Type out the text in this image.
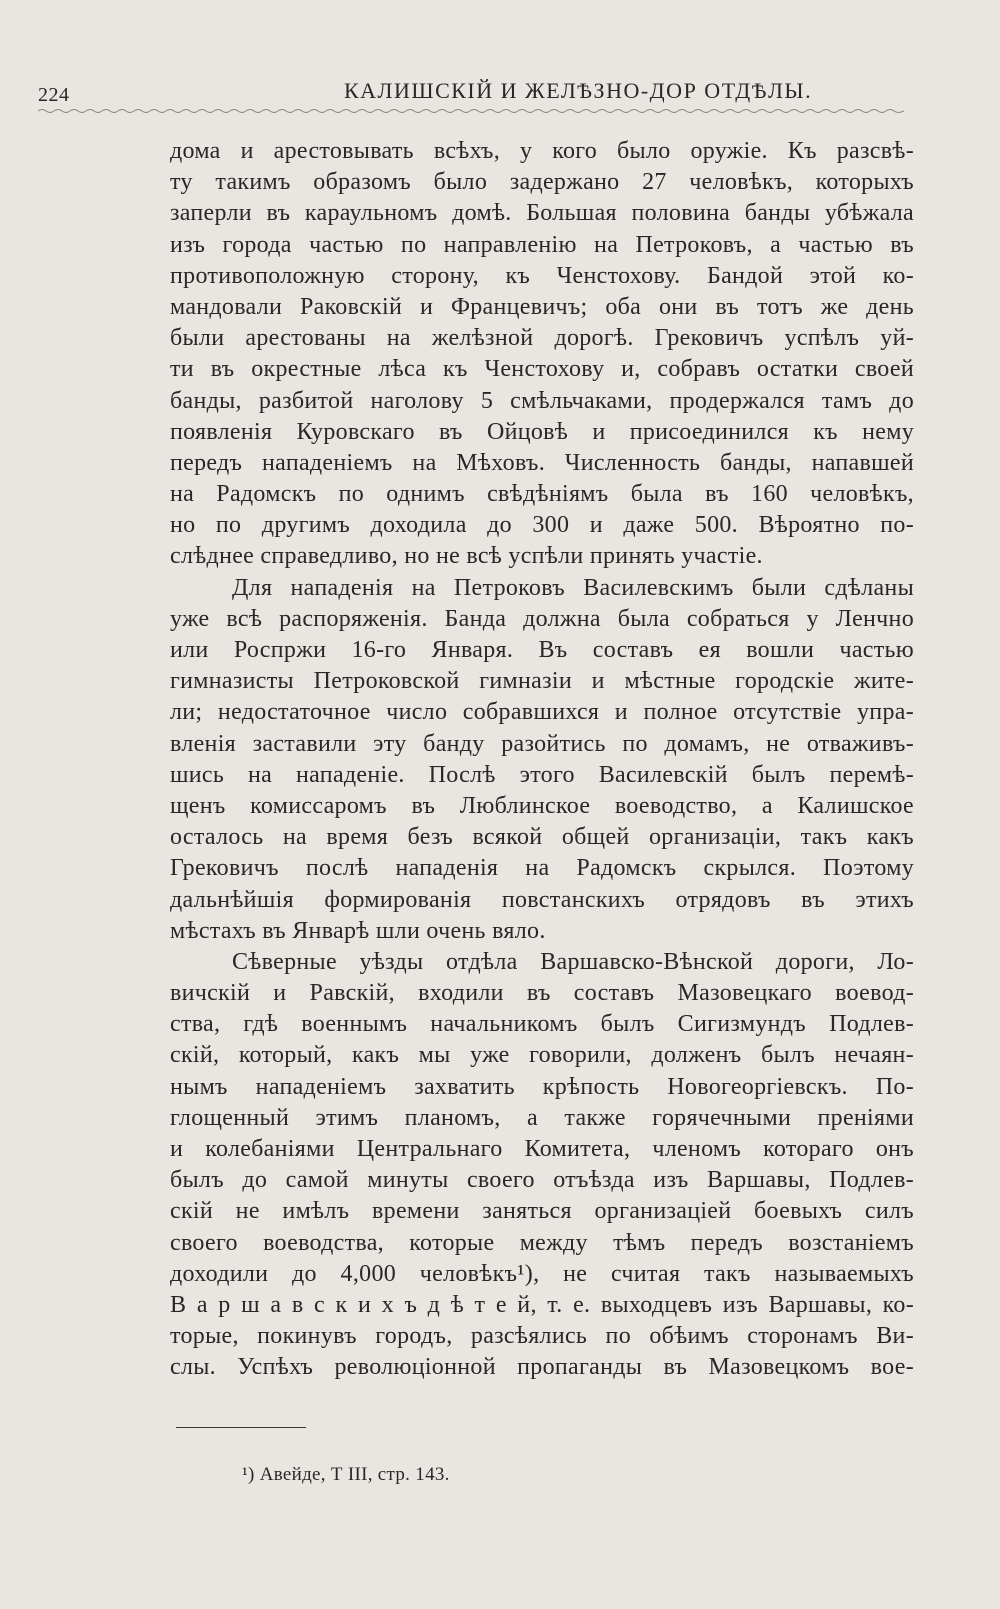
224	КАЛИШСКІЙ И ЖЕЛѢЗНО-ДОР ОТДѢЛЫ.
дома и арестовывать всѣхъ, у кого было оружіе. Къ разсвѣ-
ту такимъ образомъ было задержано 27 человѣкъ, которыхъ
заперли въ караульномъ домѣ. Большая половина банды убѣжала
изъ города частью по направленію на Петроковъ, а частью въ
противоположную сторону, къ Ченстохову. Бандой этой ко-
мандовали Раковскій и Францевичъ; оба они въ тотъ же день
были арестованы на желѣзной дорогѣ. Грековичъ успѣлъ уй-
ти въ окрестные лѣса къ Ченстохову и, собравъ остатки своей
банды, разбитой наголову 5 смѣльчаками, продержался тамъ до
появленія Куровскаго въ Ойцовѣ и присоединился къ нему
передъ нападеніемъ на Мѣховъ. Численность банды, напавшей
на Радомскъ по однимъ свѣдѣніямъ была въ 160 человѣкъ,
но по другимъ доходила до 300 и даже 500. Вѣроятно по-
слѣднее справедливо, но не всѣ успѣли принять участіе.
Для нападенія на Петроковъ Василевскимъ были сдѣланы
уже всѣ распоряженія. Банда должна была собраться у Ленчно
или Роспржи 16-го Января. Въ составъ ея вошли частью
гимназисты Петроковской гимназіи и мѣстные городскіе жите-
ли; недостаточное число собравшихся и полное отсутствіе упра-
вленія заставили эту банду разойтись по домамъ, не отваживъ-
шись на нападеніе. Послѣ этого Василевскій былъ перемѣ-
щенъ комиссаромъ въ Люблинское воеводство, а Калишское
осталось на время безъ всякой общей организаціи, такъ какъ
Грековичъ послѣ нападенія на Радомскъ скрылся. Поэтому
дальнѣйшія формированія повстанскихъ отрядовъ въ этихъ
мѣстахъ въ Январѣ шли очень вяло.
Сѣверные уѣзды отдѣла Варшавско-Вѣнской дороги, Ло-
вичскій и Равскій, входили въ составъ Мазовецкаго воевод-
ства, гдѣ военнымъ начальникомъ былъ Сигизмундъ Подлев-
скій, который, какъ мы уже говорили, долженъ былъ нечаян-
нымъ нападеніемъ захватить крѣпость Новогеоргіевскъ. По-
глощенный этимъ планомъ, а также горячечными преніями
и колебаніями Центральнаго Комитета, членомъ котораго онъ
былъ до самой минуты своего отъѣзда изъ Варшавы, Подлев-
скій не имѣлъ времени заняться организаціей боевыхъ силъ
своего воеводства, которые между тѣмъ передъ возстаніемъ
доходили до 4,000 человѣкъ¹), не считая такъ называемыхъ
В а р ш а в с к и х ъ д ѣ т е й, т. е. выходцевъ изъ Варшавы, ко-
торые, покинувъ городъ, разсѣялись по обѣимъ сторонамъ Ви-
слы. Успѣхъ революціонной пропаганды въ Мазовецкомъ вое-
¹) Авейде, Т III, стр. 143.
